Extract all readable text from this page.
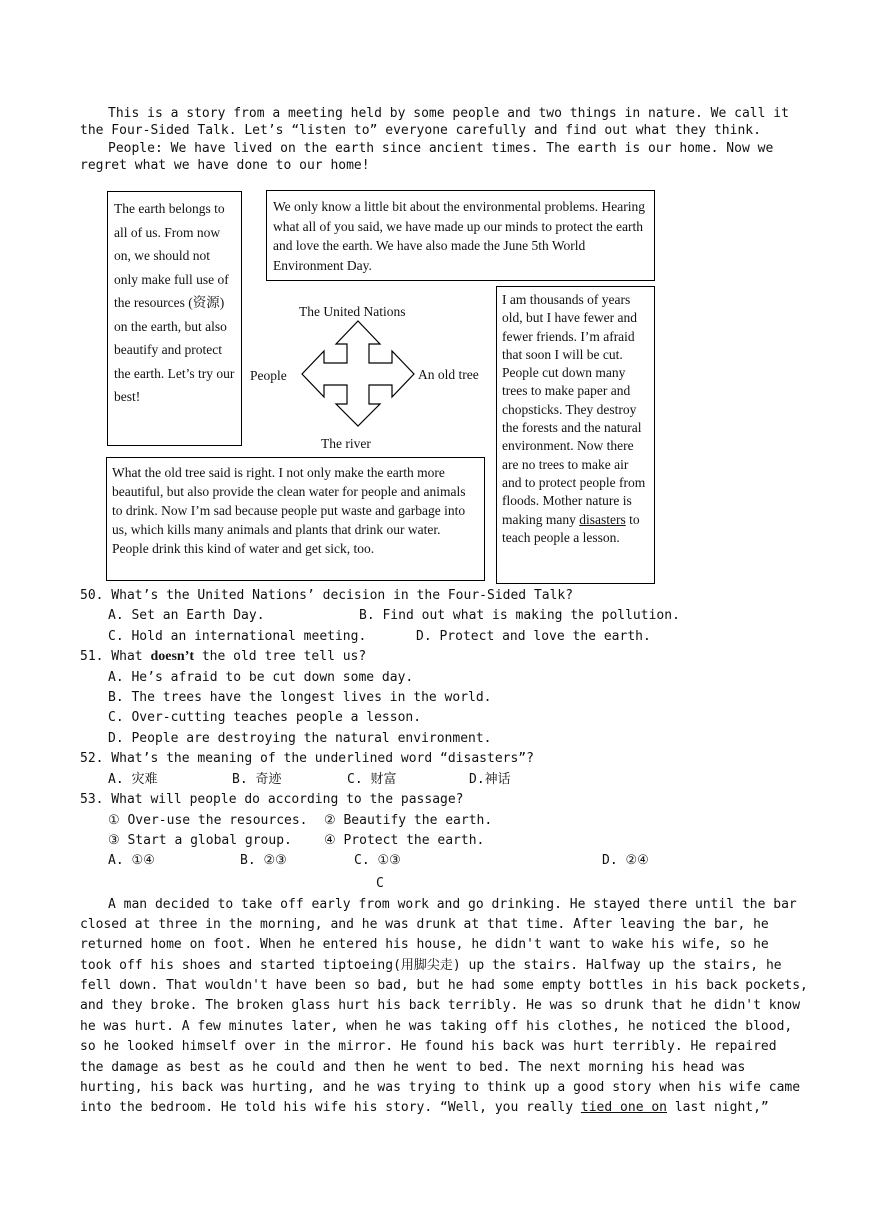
This is a story from a meeting held by some people and two things in nature. We call it
the Four-Sided Talk. Let’s “listen to” everyone carefully and find out what they think.
People: We have lived on the earth since ancient times. The earth is our home. Now we
regret what we have done to our home!

The earth belongs to all of us. From now on, we should not only make full use of the resources (资源) on the earth, but also beautify and protect the earth. Let’s try our best!

We only know a little bit about the environmental problems. Hearing what all of you said, we have made up our minds to protect the earth and love the earth. We have also made the June 5th World Environment Day.

I am thousands of years old, but I have fewer and fewer friends. I’m afraid that soon I will be cut. People cut down many trees to make paper and chopsticks. They destroy the forests and the natural environment. Now there are no trees to make air and to protect people from floods. Mother nature is making many disasters to teach people a lesson.

What the old tree said is right. I not only make the earth more beautiful, but also provide the clean water for people and animals to drink. Now I’m sad because people put waste and garbage into us, which kills many animals and plants that drink our water. People drink this kind of water and get sick, too.

The United Nations
People	An old tree
The river
50. What’s the United Nations’ decision in the Four-Sided Talk?
A. Set an Earth Day.	B. Find out what is making the pollution.
C. Hold an international meeting.	D. Protect and love the earth.
51. What doesn’t the old tree tell us?
A. He’s afraid to be cut down some day.
B. The trees have the longest lives in the world.
C. Over-cutting teaches people a lesson.
D. People are destroying the natural environment.
52. What’s the meaning of the underlined word “disasters”?
A. 灾难	B. 奇迹	C. 财富	D.神话
53. What will people do according to the passage?
① Over-use the resources. ② Beautify the earth.
③ Start a global group. ④ Protect the earth.
A. ①④	B. ②③	C. ①③	D. ②④
C
A man decided to take off early from work and go drinking. He stayed there until the bar
closed at three in the morning, and he was drunk at that time. After leaving the bar, he
returned home on foot. When he entered his house, he didn't want to wake his wife, so he
took off his shoes and started tiptoeing(用脚尖走) up the stairs. Halfway up the stairs, he
fell down. That wouldn't have been so bad, but he had some empty bottles in his back pockets,
and they broke. The broken glass hurt his back terribly. He was so drunk that he didn't know
he was hurt. A few minutes later, when he was taking off his clothes, he noticed the blood,
so he looked himself over in the mirror. He found his back was hurt terribly. He repaired
the damage as best as he could and then he went to bed. The next morning his head was
hurting, his back was hurting, and he was trying to think up a good story when his wife came
into the bedroom. He told his wife his story. “Well, you really tied one on last night,”
